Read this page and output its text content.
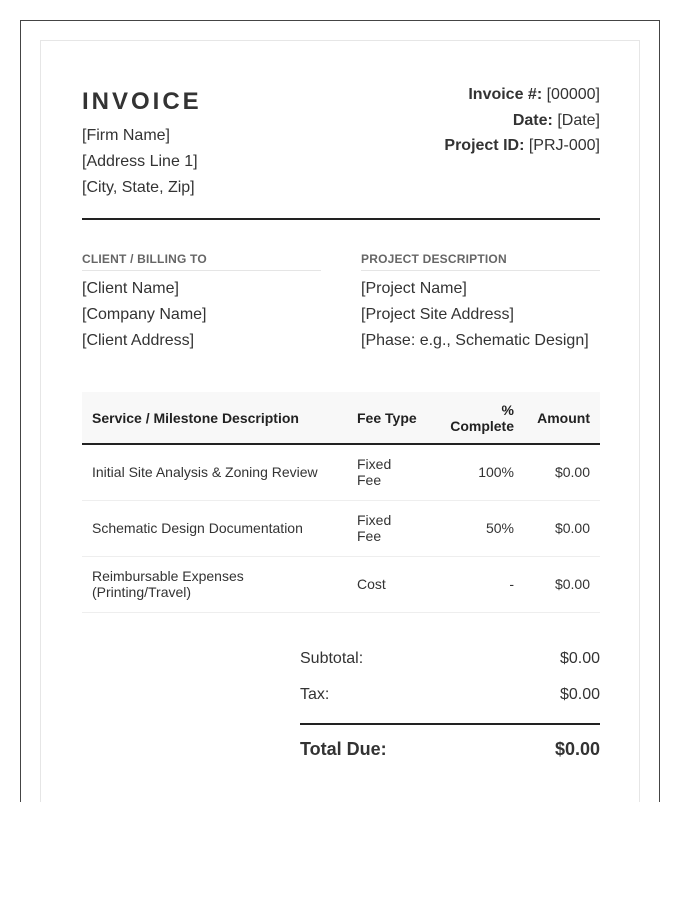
INVOICE
[Firm Name]
[Address Line 1]
[City, State, Zip]
Invoice #: [00000]
Date: [Date]
Project ID: [PRJ-000]
CLIENT / BILLING TO
[Client Name]
[Company Name]
[Client Address]
PROJECT DESCRIPTION
[Project Name]
[Project Site Address]
[Phase: e.g., Schematic Design]
Service / Milestone Description	Fee Type	% Complete	Amount
Initial Site Analysis & Zoning Review	Fixed Fee	100%	$0.00
Schematic Design Documentation	Fixed Fee	50%	$0.00
Reimbursable Expenses (Printing/Travel)	Cost	-	$0.00
Subtotal:	$0.00
Tax:	$0.00
Total Due:	$0.00
